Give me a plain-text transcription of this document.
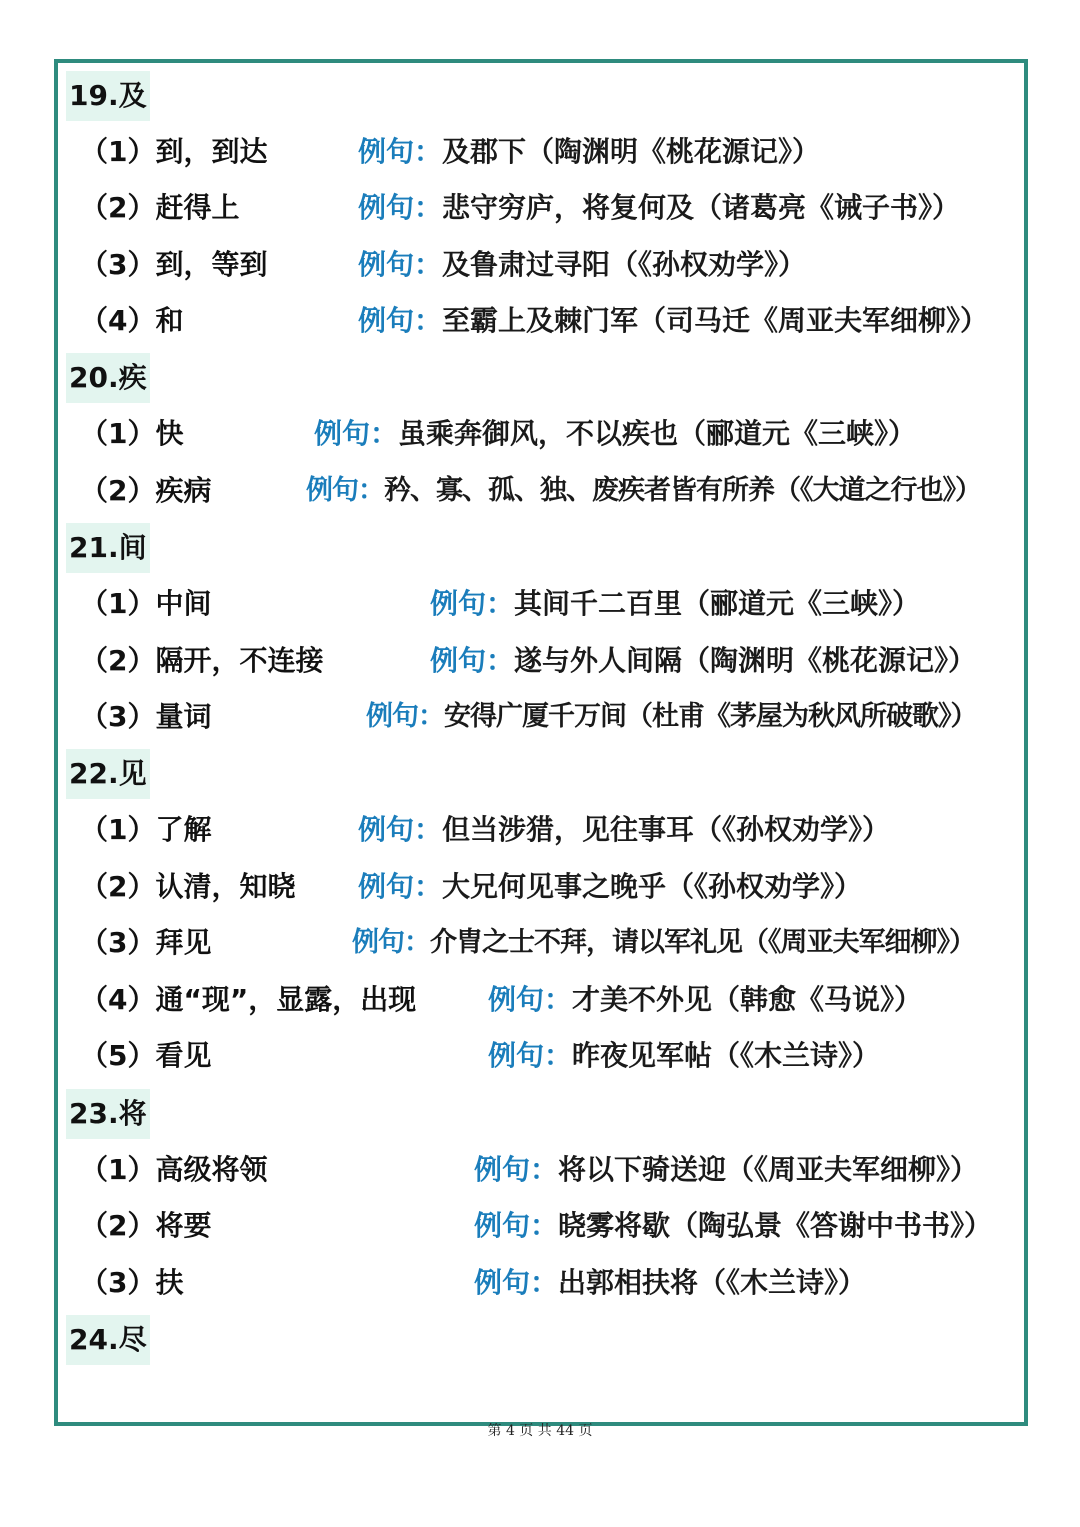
19.及
（1）到，到达	例句：及郡下（陶渊明《桃花源记》）
（2）赶得上	例句：悲守穷庐，将复何及（诸葛亮《诫子书》）
（3）到，等到	例句：及鲁肃过寻阳（《孙权劝学》）
（4）和	例句：至霸上及棘门军（司马迁《周亚夫军细柳》）
20.疾
（1）快	例句：虽乘奔御风，不以疾也（郦道元《三峡》）
（2）疾病	例句：矜、寡、孤、独、废疾者皆有所养（《大道之行也》）
21.间
（1）中间	例句：其间千二百里（郦道元《三峡》）
（2）隔开，不连接	例句：遂与外人间隔（陶渊明《桃花源记》）
（3）量词	例句：安得广厦千万间（杜甫《茅屋为秋风所破歌》）
22.见
（1）了解	例句：但当涉猎，见往事耳（《孙权劝学》）
（2）认清，知晓 例句：大兄何见事之晚乎（《孙权劝学》）
（3）拜见	例句：介胄之士不拜，请以军礼见（《周亚夫军细柳》）
（4）通“现”，显露，出现	例句：才美不外见（韩愈《马说》）
（5）看见	例句：昨夜见军帖（《木兰诗》）
23.将
（1）高级将领	例句：将以下骑送迎（《周亚夫军细柳》）
（2）将要	例句：晓雾将歇（陶弘景《答谢中书书》）
（3）扶	例句：出郭相扶将（《木兰诗》）
24.尽
第 4 页 共 44 页
